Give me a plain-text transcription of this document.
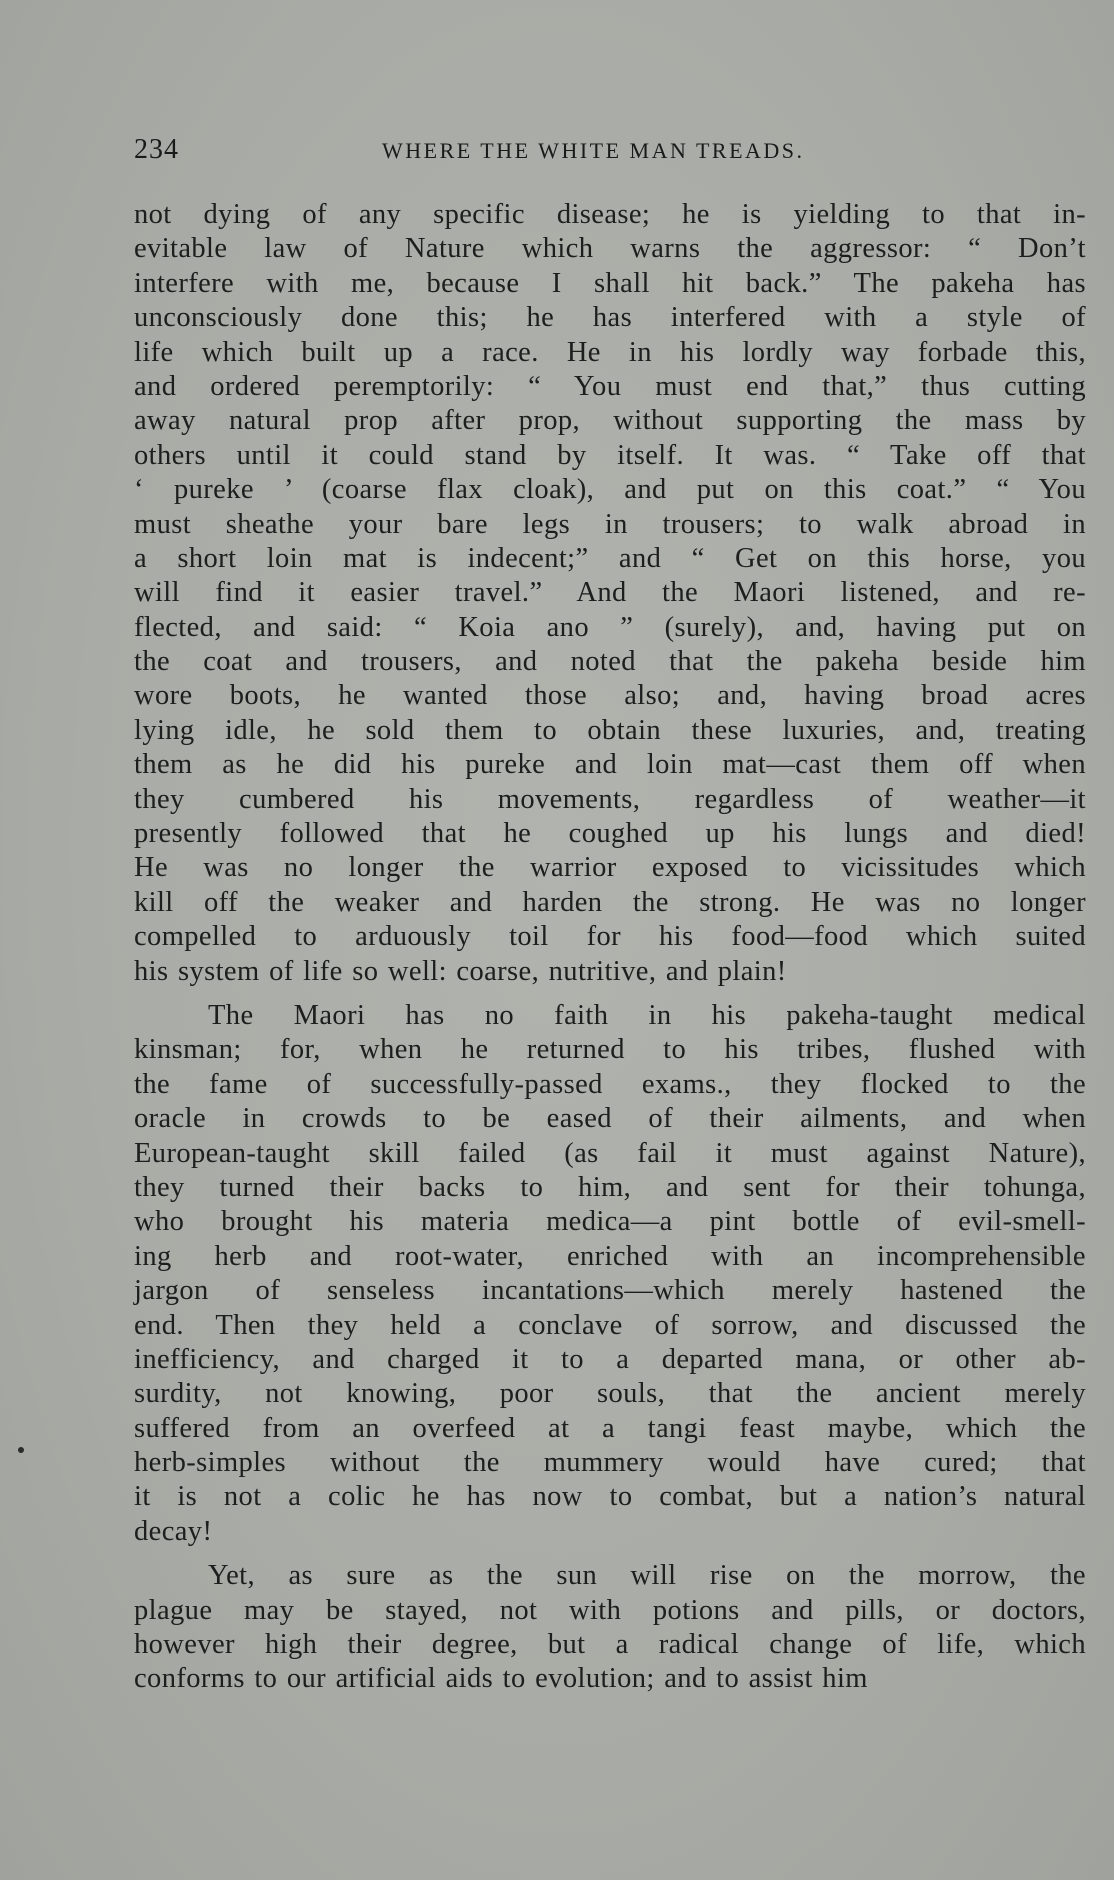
234	WHERE THE WHITE MAN TREADS.
not dying of any specific disease; he is yielding to that in-
evitable law of Nature which warns the aggressor: “ Don’t
interfere with me, because I shall hit back.” The pakeha has
unconsciously done this; he has interfered with a style of
life which built up a race. He in his lordly way forbade this,
and ordered peremptorily: “ You must end that,” thus cutting
away natural prop after prop, without supporting the mass by
others until it could stand by itself. It was. “ Take off that
‘ pureke ’ (coarse flax cloak), and put on this coat.” “ You
must sheathe your bare legs in trousers; to walk abroad in
a short loin mat is indecent;” and “ Get on this horse, you
will find it easier travel.” And the Maori listened, and re-
flected, and said: “ Koia ano ” (surely), and, having put on
the coat and trousers, and noted that the pakeha beside him
wore boots, he wanted those also; and, having broad acres
lying idle, he sold them to obtain these luxuries, and, treating
them as he did his pureke and loin mat—cast them off when
they cumbered his movements, regardless of weather—it
presently followed that he coughed up his lungs and died!
He was no longer the warrior exposed to vicissitudes which
kill off the weaker and harden the strong. He was no longer
compelled to arduously toil for his food—food which suited
his system of life so well: coarse, nutritive, and plain!
The Maori has no faith in his pakeha-taught medical
kinsman; for, when he returned to his tribes, flushed with
the fame of successfully-passed exams., they flocked to the
oracle in crowds to be eased of their ailments, and when
European-taught skill failed (as fail it must against Nature),
they turned their backs to him, and sent for their tohunga,
who brought his materia medica—a pint bottle of evil-smell-
ing herb and root-water, enriched with an incomprehensible
jargon of senseless incantations—which merely hastened the
end. Then they held a conclave of sorrow, and discussed the
inefficiency, and charged it to a departed mana, or other ab-
surdity, not knowing, poor souls, that the ancient merely
suffered from an overfeed at a tangi feast maybe, which the
herb-simples without the mummery would have cured; that
it is not a colic he has now to combat, but a nation’s natural
decay!
Yet, as sure as the sun will rise on the morrow, the
plague may be stayed, not with potions and pills, or doctors,
however high their degree, but a radical change of life, which
conforms to our artificial aids to evolution; and to assist him
